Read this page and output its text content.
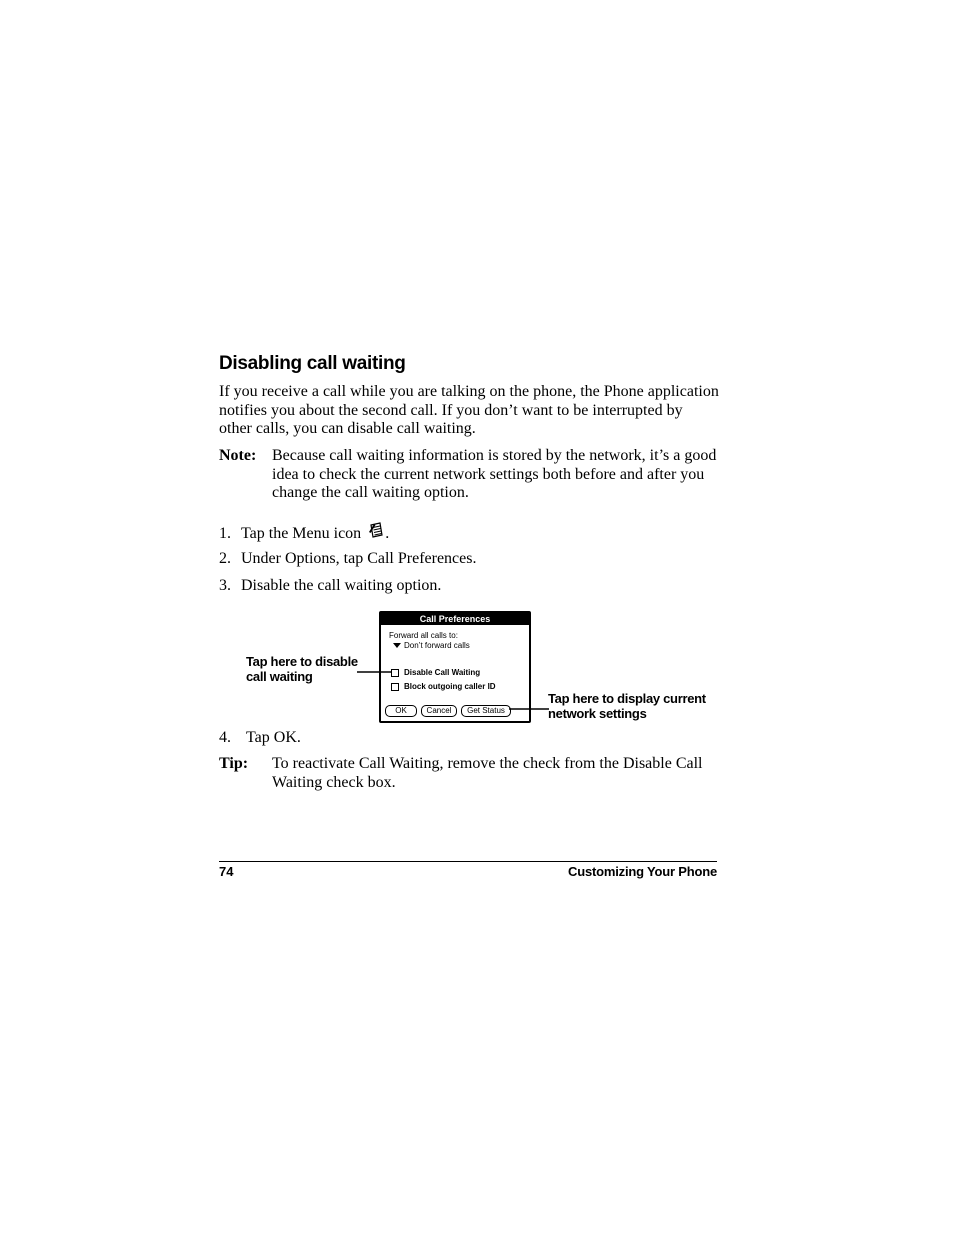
Disabling call waiting
If you receive a call while you are talking on the phone, the Phone application notifies you about the second call. If you don’t want to be interrupted by other calls, you can disable call waiting.
Note: Because call waiting information is stored by the network, it’s a good idea to check the current network settings both before and after you change the call waiting option.
1. Tap the Menu icon .
2. Under Options, tap Call Preferences.
3. Disable the call waiting option.
Call Preferences
Forward all calls to:
Don’t forward calls
Disable Call Waiting
Block outgoing caller ID
OK	Cancel	Get Status
Tap here to disable
call waiting
Tap here to display current
network settings
4. Tap OK.
Tip: To reactivate Call Waiting, remove the check from the Disable Call Waiting check box.
74	Customizing Your Phone
